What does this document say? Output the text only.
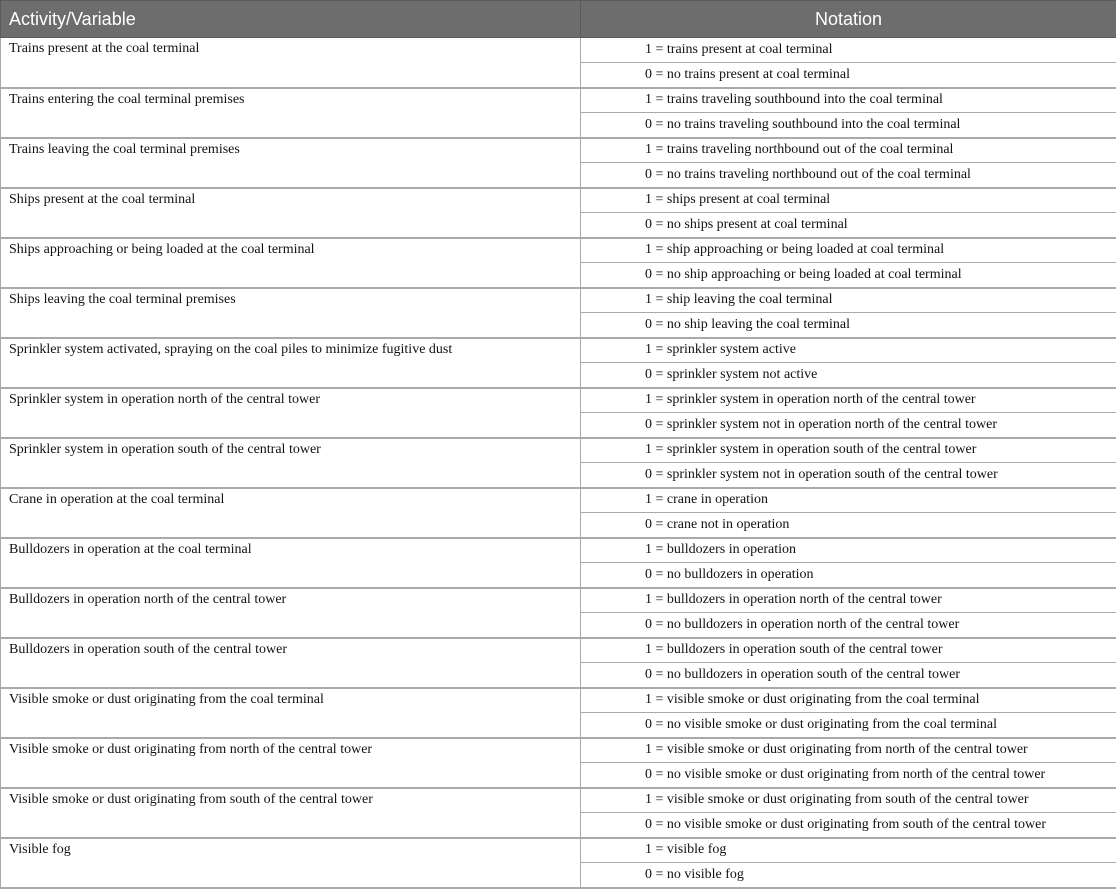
Activity/Variable	Notation
Trains present at the coal terminal	1 = trains present at coal terminal
	0 = no trains present at coal terminal
Trains entering the coal terminal premises	1 = trains traveling southbound into the coal terminal
	0 = no trains traveling southbound into the coal terminal
Trains leaving the coal terminal premises	1 = trains traveling northbound out of the coal terminal
	0 = no trains traveling northbound out of the coal terminal
Ships present at the coal terminal	1 = ships present at coal terminal
	0 = no ships present at coal terminal
Ships approaching or being loaded at the coal terminal	1 = ship approaching or being loaded at coal terminal
	0 = no ship approaching or being loaded at coal terminal
Ships leaving the coal terminal premises	1 = ship leaving the coal terminal
	0 = no ship leaving the coal terminal
Sprinkler system activated, spraying on the coal piles to minimize fugitive dust	1 = sprinkler system active
	0 = sprinkler system not active
Sprinkler system in operation north of the central tower	1 = sprinkler system in operation north of the central tower
	0 = sprinkler system not in operation north of the central tower
Sprinkler system in operation south of the central tower	1 = sprinkler system in operation south of the central tower
	0 = sprinkler system not in operation south of the central tower
Crane in operation at the coal terminal	1 = crane in operation
	0 = crane not in operation
Bulldozers in operation at the coal terminal	1 = bulldozers in operation
	0 = no bulldozers in operation
Bulldozers in operation north of the central tower	1 = bulldozers in operation north of the central tower
	0 = no bulldozers in operation north of the central tower
Bulldozers in operation south of the central tower	1 = bulldozers in operation south of the central tower
	0 = no bulldozers in operation south of the central tower
Visible smoke or dust originating from the coal terminal	1 = visible smoke or dust originating from the coal terminal
	0 = no visible smoke or dust originating from the coal terminal
Visible smoke or dust originating from north of the central tower	1 = visible smoke or dust originating from north of the central tower
	0 = no visible smoke or dust originating from north of the central tower
Visible smoke or dust originating from south of the central tower	1 = visible smoke or dust originating from south of the central tower
	0 = no visible smoke or dust originating from south of the central tower
Visible fog	1 = visible fog
	0 = no visible fog
